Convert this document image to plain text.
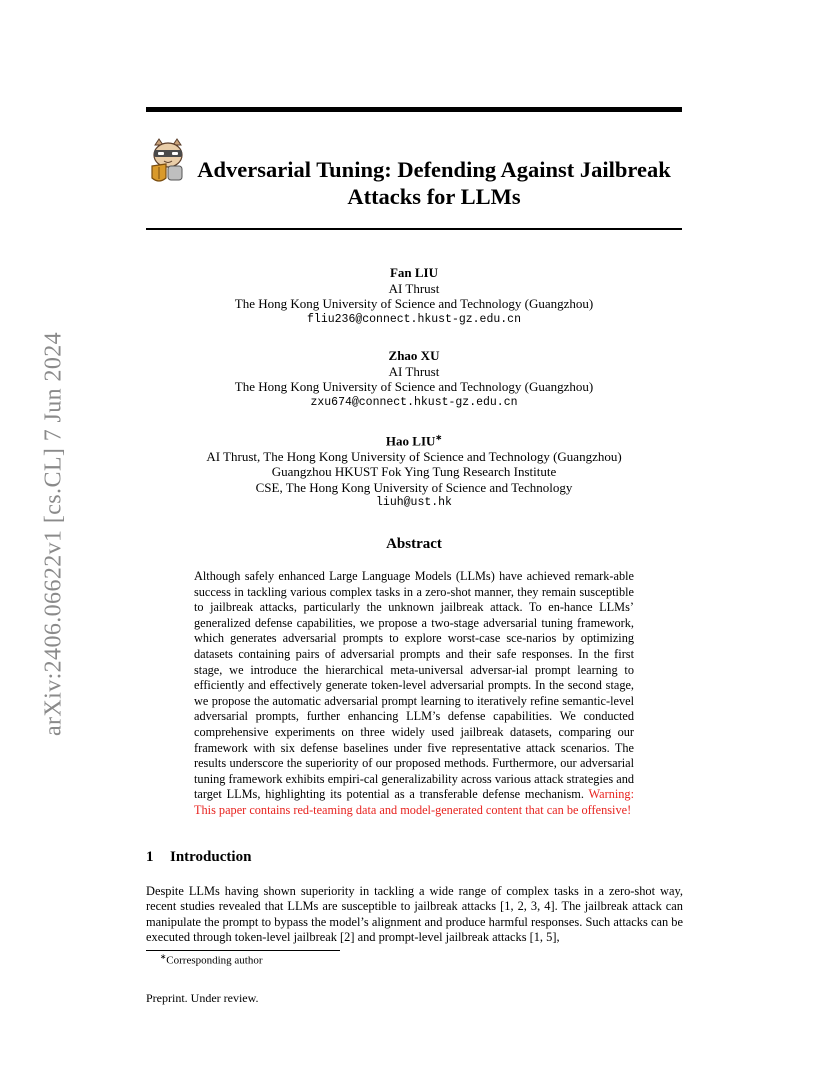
arXiv:2406.06622v1 [cs.CL] 7 Jun 2024
Adversarial Tuning: Defending Against Jailbreak
Attacks for LLMs
Fan LIU
AI Thrust
The Hong Kong University of Science and Technology (Guangzhou)
fliu236@connect.hkust-gz.edu.cn
Zhao XU
AI Thrust
The Hong Kong University of Science and Technology (Guangzhou)
zxu674@connect.hkust-gz.edu.cn
Hao LIU∗
AI Thrust, The Hong Kong University of Science and Technology (Guangzhou)
Guangzhou HKUST Fok Ying Tung Research Institute
CSE, The Hong Kong University of Science and Technology
liuh@ust.hk
Abstract
Although safely enhanced Large Language Models (LLMs) have achieved remark-able success in tackling various complex tasks in a zero-shot manner, they remain susceptible to jailbreak attacks, particularly the unknown jailbreak attack. To en-hance LLMs’ generalized defense capabilities, we propose a two-stage adversarial tuning framework, which generates adversarial prompts to explore worst-case sce-narios by optimizing datasets containing pairs of adversarial prompts and their safe responses. In the first stage, we introduce the hierarchical meta-universal adversar-ial prompt learning to efficiently and effectively generate token-level adversarial prompts. In the second stage, we propose the automatic adversarial prompt learning to iteratively refine semantic-level adversarial prompts, further enhancing LLM’s defense capabilities. We conducted comprehensive experiments on three widely used jailbreak datasets, comparing our framework with six defense baselines under five representative attack scenarios. The results underscore the superiority of our proposed methods. Furthermore, our adversarial tuning framework exhibits empiri-cal generalizability across various attack strategies and target LLMs, highlighting its potential as a transferable defense mechanism. Warning: This paper contains red-teaming data and model-generated content that can be offensive!
1 Introduction
Despite LLMs having shown superiority in tackling a wide range of complex tasks in a zero-shot way, recent studies revealed that LLMs are susceptible to jailbreak attacks [1, 2, 3, 4]. The jailbreak attack can manipulate the prompt to bypass the model’s alignment and produce harmful responses. Such attacks can be executed through token-level jailbreak [2] and prompt-level jailbreak attacks [1, 5],
∗Corresponding author
Preprint. Under review.
